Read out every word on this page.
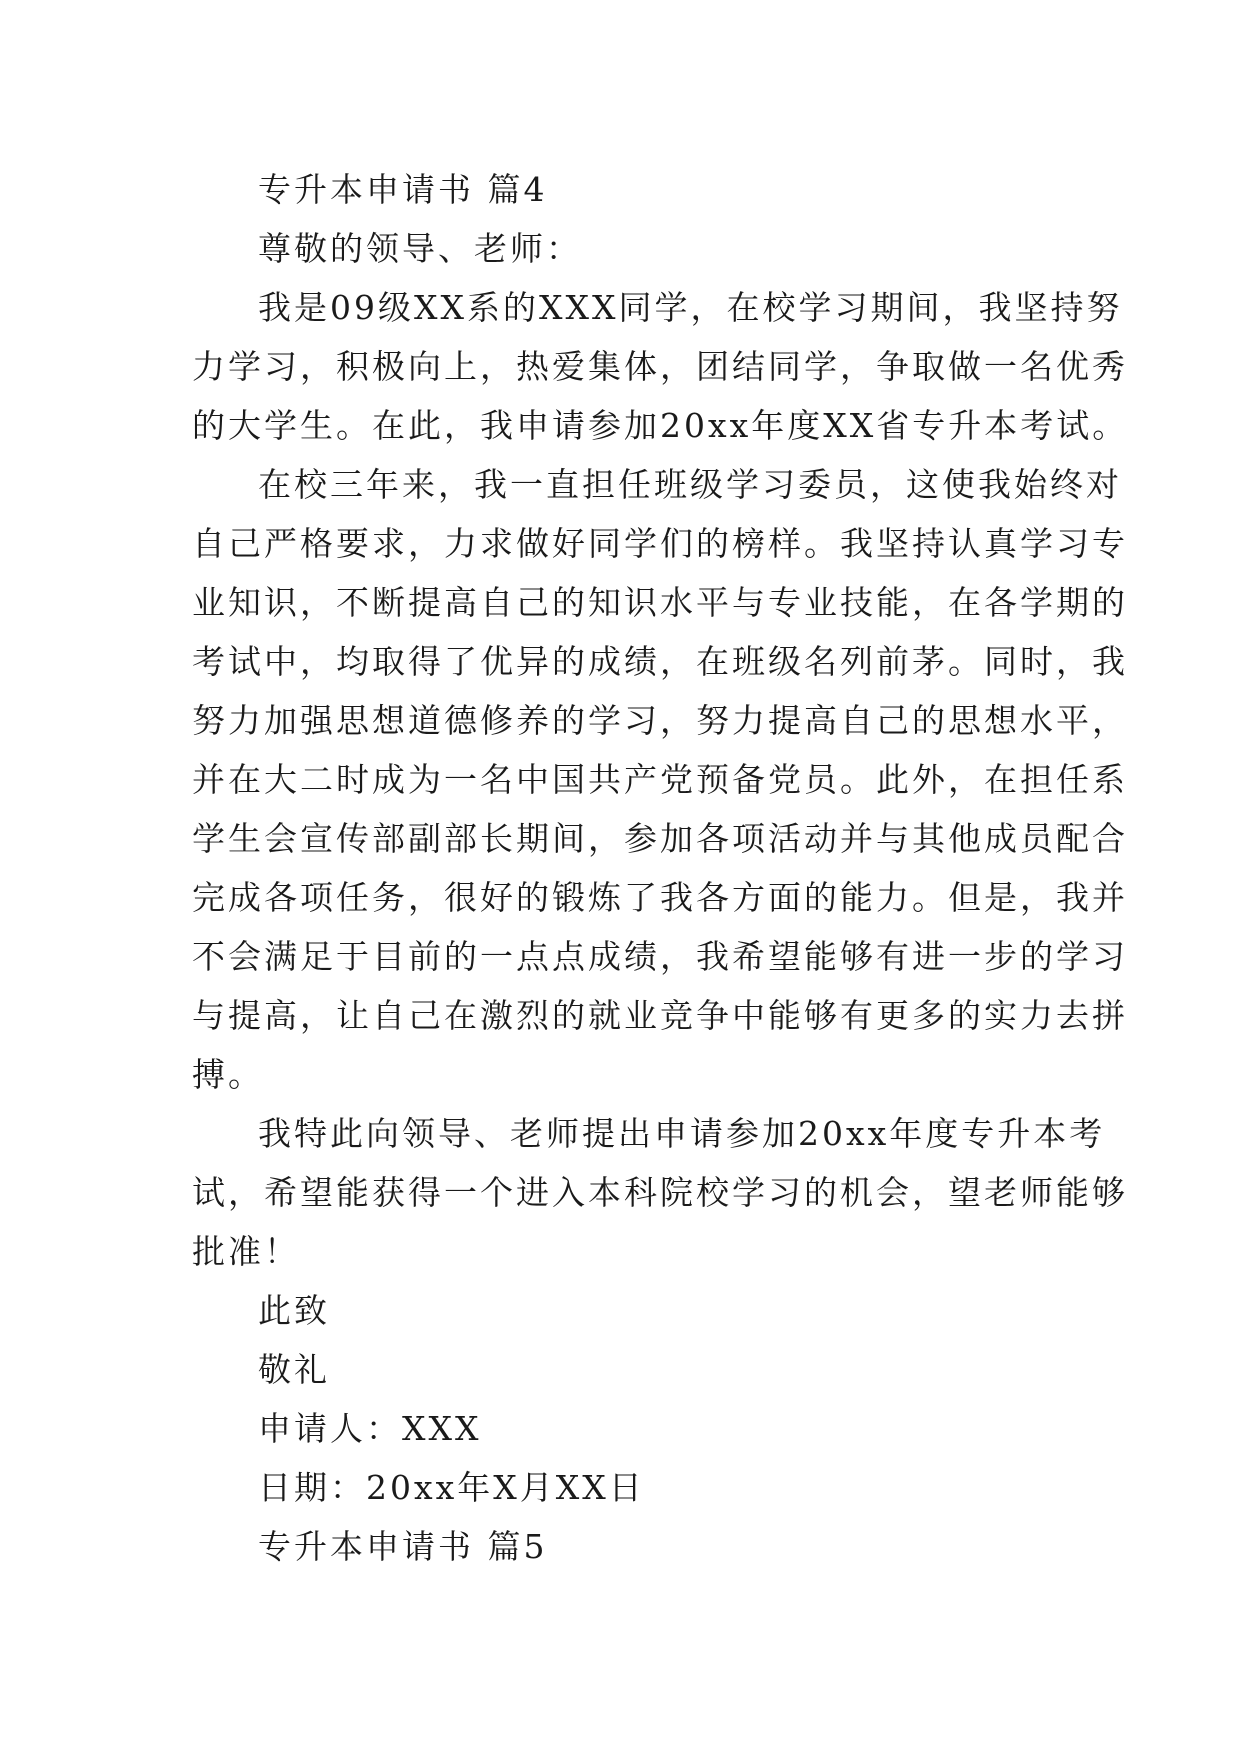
专升本申请书 篇4
尊敬的领导、老师：
我是09级XX系的XXX同学，在校学习期间，我坚持努
力学习，积极向上，热爱集体，团结同学，争取做一名优秀
的大学生。在此，我申请参加20xx年度XX省专升本考试。
在校三年来，我一直担任班级学习委员，这使我始终对
自己严格要求，力求做好同学们的榜样。我坚持认真学习专
业知识，不断提高自己的知识水平与专业技能，在各学期的
考试中，均取得了优异的成绩，在班级名列前茅。同时，我
努力加强思想道德修养的学习，努力提高自己的思想水平，
并在大二时成为一名中国共产党预备党员。此外，在担任系
学生会宣传部副部长期间，参加各项活动并与其他成员配合
完成各项任务，很好的锻炼了我各方面的能力。但是，我并
不会满足于目前的一点点成绩，我希望能够有进一步的学习
与提高，让自己在激烈的就业竞争中能够有更多的实力去拼
搏。
我特此向领导、老师提出申请参加20xx年度专升本考
试，希望能获得一个进入本科院校学习的机会，望老师能够
批准！
此致
敬礼
申请人：XXX
日期：20xx年X月XX日
专升本申请书 篇5
